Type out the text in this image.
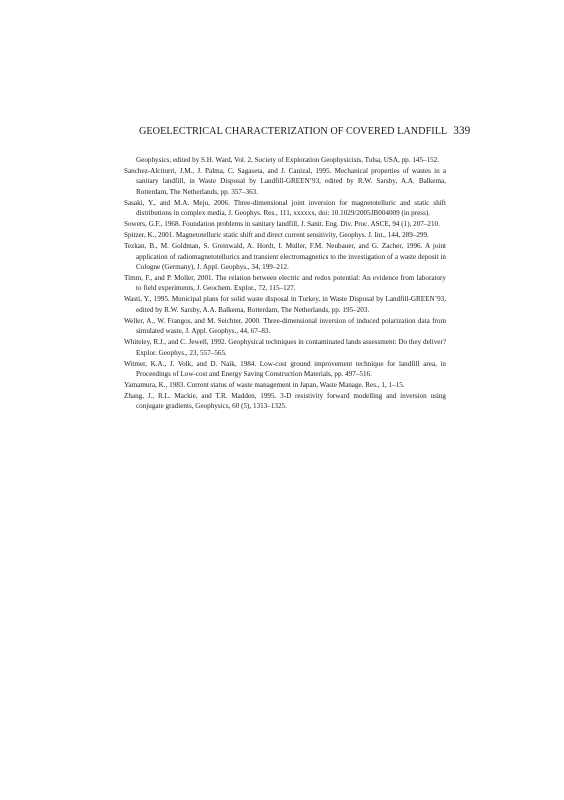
GEOELECTRICAL CHARACTERIZATION OF COVERED LANDFILL 339
Geophysics, edited by S.H. Ward, Vol. 2, Society of Exploration Geophysicists, Tulsa, USA, pp. 145–152.
Sanchez-Alciturri, J.M., J. Palma, C. Sagaseta, and J. Canizal, 1995. Mechanical properties of wastes in a sanitary landfill, in Waste Disposal by Landfill-GREEN’93, edited by R.W. Sarsby, A.A. Balkema, Rotterdam, The Netherlands, pp. 357–363.
Sasaki, Y., and M.A. Meju, 2006. Three-dimensional joint inversion for magnetotelluric and static shift distributions in complex media, J. Geophys. Res., 111, xxxxxx, doi: 10.1029/2005JB004009 (in press).
Sowers, G.F., 1968. Foundation problems in sanitary landfill, J. Sanit. Eng. Div. Proc. ASCE, 94 (1), 207–210.
Spitzer, K., 2001. Magnetotelluric static shift and direct current sensitivity, Geophys. J. Int., 144, 289–299.
Tezkan, B., M. Goldman, S. Greinwald, A. Hordt, I. Muller, F.M. Neubauer, and G. Zacher, 1996. A joint application of radiomagnetotellurics and transient electromagnetics to the investigation of a waste deposit in Cologne (Germany), J. Appl. Geophys., 34, 199–212.
Timm, F., and P. Moller, 2001. The relation between electric and redox potential: An evidence from laboratory to field experiments, J. Geochem. Explor., 72, 115–127.
Wasti, Y., 1995. Municipal plans for solid waste disposal in Turkey, in Waste Disposal by Landfill-GREEN’93, edited by R.W. Sarsby, A.A. Balkema, Rotterdam, The Netherlands, pp. 195–203.
Weller, A., W. Frangos, and M. Seichter, 2000. Three-dimensional inversion of induced polarization data from simulated waste, J. Appl. Geophys., 44, 67–83.
Whiteley, R.J., and C. Jewell, 1992. Geophysical techniques in contaminated lands assessment: Do they deliver? Explor. Geophys., 23, 557–565.
Witmer, K.A., J. Volk, and D. Naik, 1984. Low-cost ground improvement technique for landfill area, in Proceedings of Low-cost and Energy Saving Construction Materials, pp. 497–516.
Yamamura, K., 1983. Current status of waste management in Japan, Waste Manage. Res., 1, 1–15.
Zhang, J., R.L. Mackie, and T.R. Madden, 1995. 3-D resistivity forward modelling and inversion using conjugate gradients, Geophysics, 60 (5), 1313–1325.
